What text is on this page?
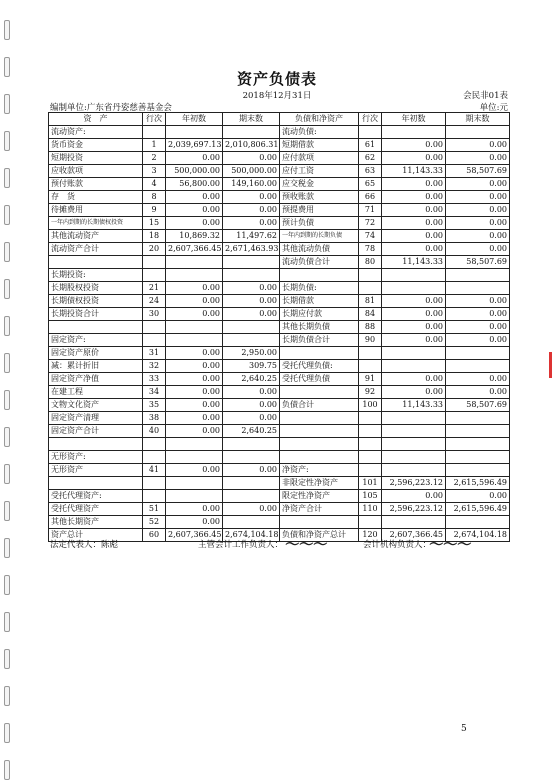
资产负债表
2018年12月31日	会民非01表
编制单位:广东省丹姿慈善基金会	单位:元
资　产	行次	年初数	期末数	负债和净资产	行次	年初数	期末数
流动资产:				流动负债:			
货币资金	1	2,039,697.13	2,010,806.31	短期借款	61	0.00	0.00
短期投资	2	0.00	0.00	应付款项	62	0.00	0.00
应收款项	3	500,000.00	500,000.00	应付工资	63	11,143.33	58,507.69
预付账款	4	56,800.00	149,160.00	应交税金	65	0.00	0.00
存　货	8	0.00	0.00	预收账款	66	0.00	0.00
待摊费用	9	0.00	0.00	预提费用	71	0.00	0.00
一年内到期的长期债权投资	15	0.00	0.00	预计负债	72	0.00	0.00
其他流动资产	18	10,869.32	11,497.62	一年内到期的长期负债	74	0.00	0.00
流动资产合计	20	2,607,366.45	2,671,463.93	其他流动负债	78	0.00	0.00
				流动负债合计	80	11,143.33	58,507.69
长期投资:							
长期股权投资	21	0.00	0.00	长期负债:			
长期债权投资	24	0.00	0.00	长期借款	81	0.00	0.00
长期投资合计	30	0.00	0.00	长期应付款	84	0.00	0.00
				其他长期负债	88	0.00	0.00
固定资产:				长期负债合计	90	0.00	0.00
固定资产原价	31	0.00	2,950.00				
减：累计折旧	32	0.00	309.75	受托代理负债:			
固定资产净值	33	0.00	2,640.25	受托代理负债	91	0.00	0.00
在建工程	34	0.00	0.00		92	0.00	0.00
文物文化资产	35	0.00	0.00	负债合计	100	11,143.33	58,507.69
固定资产清理	38	0.00	0.00				
固定资产合计	40	0.00	2,640.25				

无形资产:							
无形资产	41	0.00	0.00	净资产:			
				非限定性净资产	101	2,596,223.12	2,615,596.49
受托代理资产:				限定性净资产	105	0.00	0.00
受托代理资产	51	0.00	0.00	净资产合计	110	2,596,223.12	2,615,596.49
其他长期资产	52	0.00					
资产总计	60	2,607,366.45	2,674,104.18	负债和净资产总计	120	2,607,366.45	2,674,104.18
法定代表人：陈彪	主管会计工作负责人：	会计机构负责人：
〜〜〜	〜〜〜
5
